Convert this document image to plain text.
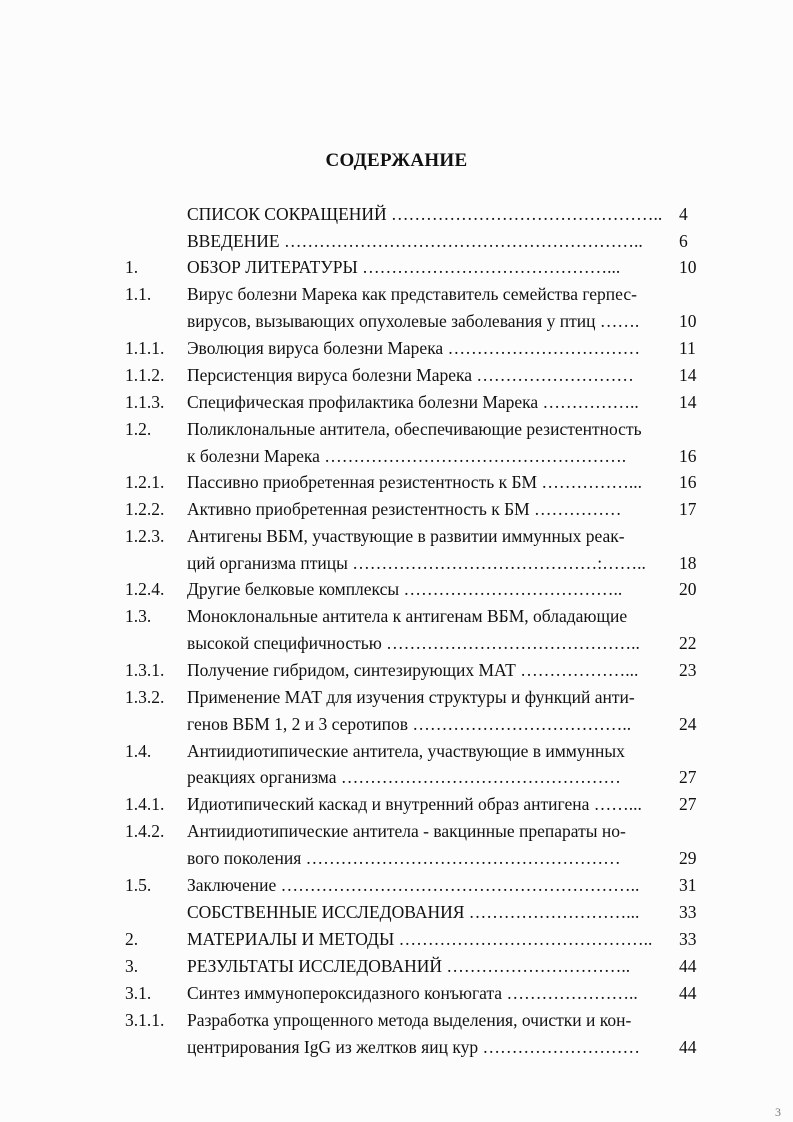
СОДЕРЖАНИЕ
СПИСОК СОКРАЩЕНИЙ ……………………………………….. 4
ВВЕДЕНИЕ …………………………………………………….. 6
1.	ОБЗОР ЛИТЕРАТУРЫ ……………………………………...	10
1.1. Вирус болезни Марека как представитель семейства герпес-
вирусов, вызывающих опухолевые заболевания у птиц ……. 10
1.1.1. Эволюция вируса болезни Марека …………………………… 11
1.1.2. Персистенция вируса болезни Марека ………………………	14
1.1.3. Специфическая профилактика болезни Марека …………….. 14
1.2. Поликлональные антитела, обеспечивающие резистентность
к болезни Марека …………………………………………….	16
1.2.1. Пассивно приобретенная резистентность к БМ ……………... 16
1.2.2. Активно приобретенная резистентность к БМ ……………	17
1.2.3. Антигены ВБМ, участвующие в развитии иммунных реак-
ций организма птицы ……………………………………:…….. 18
1.2.4. Другие белковые комплексы ………………………………..	20
1.3. Моноклональные антитела к антигенам ВБМ, обладающие
высокой специфичностью …………………………………….. 22
1.3.1. Получение гибридом, синтезирующих МАТ ………………... 23
1.3.2. Применение МАТ для изучения структуры и функций анти-
генов ВБМ 1, 2 и 3 серотипов ………………………………..	24
1.4. Антиидиотипические антитела, участвующие в иммунных
реакциях организма …………………………………………	27
1.4.1. Идиотипический каскад и внутренний образ антигена ……... 27
1.4.2. Антиидиотипические антитела - вакцинные препараты но-
вого поколения ………………………………………………	29
1.5. Заключение …………………………………………………….. 31
СОБСТВЕННЫЕ ИССЛЕДОВАНИЯ ………………………... 33
2.	МАТЕРИАЛЫ И МЕТОДЫ …………………………………….. 33
3.	РЕЗУЛЬТАТЫ ИССЛЕДОВАНИЙ …………………………..	44
3.1. Синтез иммунопероксидазного конъюгата ………………….. 44
3.1.1. Разработка упрощенного метода выделения, очистки и кон-
центрирования IgG из желтков яиц кур ……………………… 44
3
